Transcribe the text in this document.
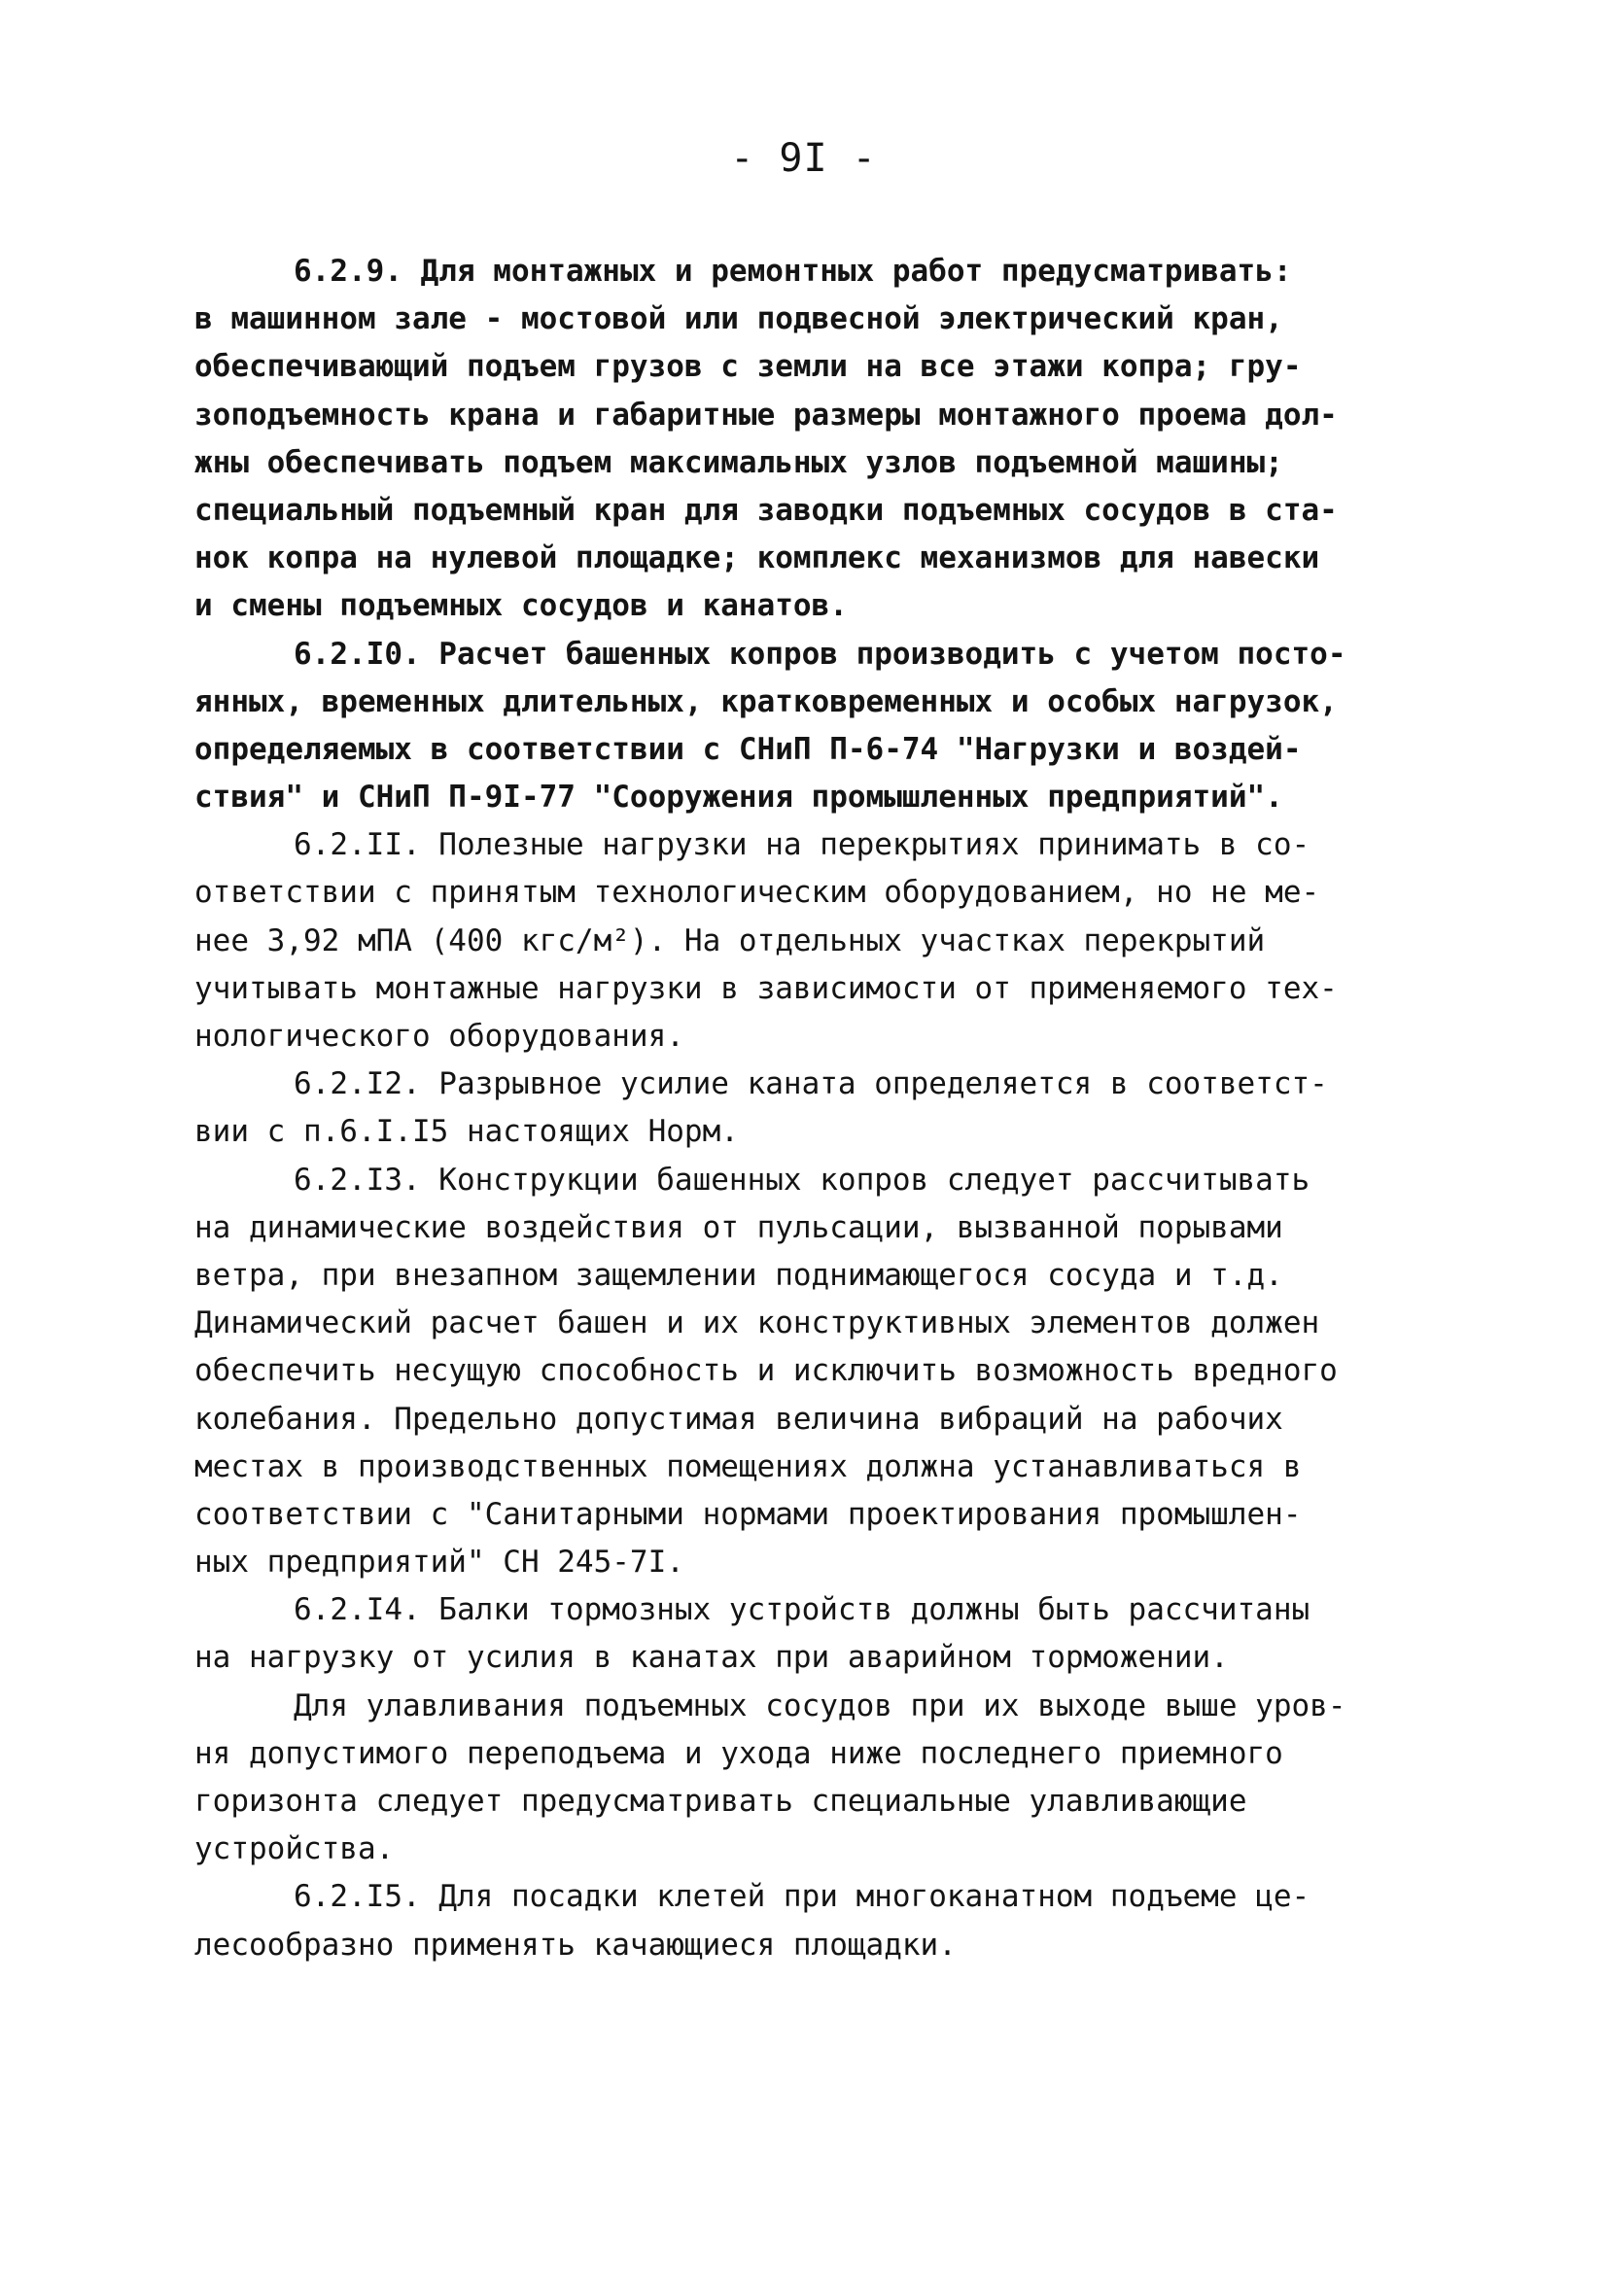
- 9I -
6.2.9. Для монтажных и ремонтных работ предусматривать:
в машинном зале - мостовой или подвесной электрический кран,
обеспечивающий подъем грузов с земли на все этажи копра; гру-
зоподъемность крана и габаритные размеры монтажного проема дол-
жны обеспечивать подъем максимальных узлов подъемной машины;
специальный подъемный кран для заводки подъемных сосудов в ста-
нок копра на нулевой площадке; комплекс механизмов для навески
и смены подъемных сосудов и канатов.
6.2.I0. Расчет башенных копров производить с учетом посто-
янных, временных длительных, кратковременных и особых нагрузок,
определяемых в соответствии с СНиП П-6-74 "Нагрузки и воздей-
ствия" и СНиП П-9I-77 "Сооружения промышленных предприятий".
6.2.II. Полезные нагрузки на перекрытиях принимать в со-
ответствии с принятым технологическим оборудованием, но не ме-
нее 3,92 мПА (400 кгс/м²). На отдельных участках перекрытий
учитывать монтажные нагрузки в зависимости от применяемого тех-
нологического оборудования.
6.2.I2. Разрывное усилие каната определяется в соответст-
вии с п.6.I.I5 настоящих Норм.
6.2.I3. Конструкции башенных копров следует рассчитывать
на динамические воздействия от пульсации, вызванной порывами
ветра, при внезапном защемлении поднимающегося сосуда и т.д.
Динамический расчет башен и их конструктивных элементов должен
обеспечить несущую способность и исключить возможность вредного
колебания. Предельно допустимая величина вибраций на рабочих
местах в производственных помещениях должна устанавливаться в
соответствии с "Санитарными нормами проектирования промышлен-
ных предприятий" СН 245-7I.
6.2.I4. Балки тормозных устройств должны быть рассчитаны
на нагрузку от усилия в канатах при аварийном торможении.
Для улавливания подъемных сосудов при их выходе выше уров-
ня допустимого переподъема и ухода ниже последнего приемного
горизонта следует предусматривать специальные улавливающие
устройства.
6.2.I5. Для посадки клетей при многоканатном подъеме це-
лесообразно применять качающиеся площадки.
